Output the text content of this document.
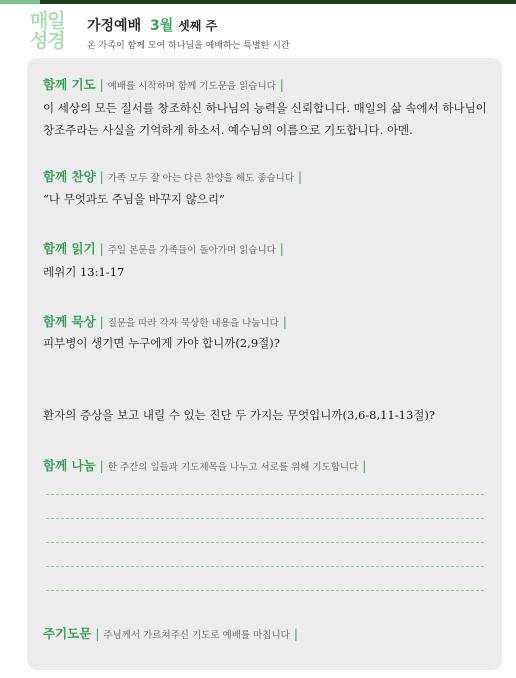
매일
성경
가정예배 3월 셋째 주
온 가족이 함께 모여 하나님을 예배하는 특별한 시간
함께 기도 | 예배를 시작하며 함께 기도문을 읽습니다 |
이 세상의 모든 질서를 창조하신 하나님의 능력을 신뢰합니다. 매일의 삶 속에서 하나님이 창조주라는 사실을 기억하게 하소서. 예수님의 이름으로 기도합니다. 아멘.
함께 찬양 | 가족 모두 잘 아는 다른 찬양을 해도 좋습니다 |
“나 무엇과도 주님을 바꾸지 않으리”
함께 읽기 | 주일 본문을 가족들이 돌아가며 읽습니다 |
레위기 13:1-17
함께 묵상 | 질문을 따라 각자 묵상한 내용을 나눕니다 |
피부병이 생기면 누구에게 가야 합니까(2,9절)?
환자의 증상을 보고 내릴 수 있는 진단 두 가지는 무엇입니까(3,6-8,11-13절)?
함께 나눔 | 한 주간의 일들과 기도제목을 나누고 서로를 위해 기도합니다 |
주기도문 | 주님께서 가르쳐주신 기도로 예배를 마칩니다 |
